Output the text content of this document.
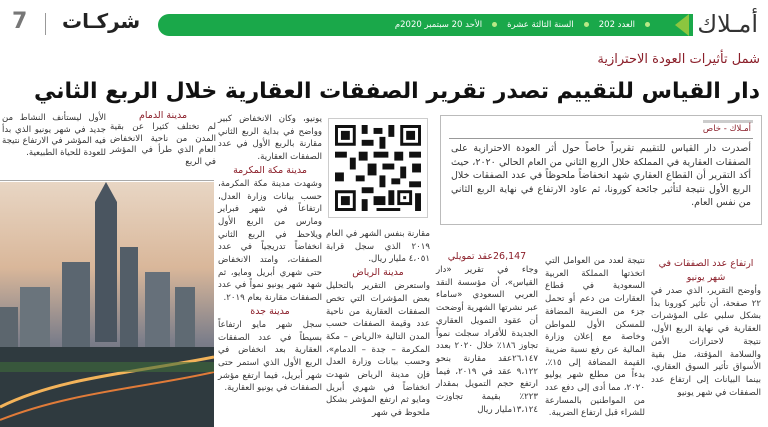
أمـلاك
العدد 202السنة الثالثة عشرةالأحد 20 سبتمبر 2020م
شركـات
7
شمل تأثيرات العودة الاحترازية
دار القياس للتقييم تصدر تقرير الصفقات العقارية خلال الربع الثاني
أمـلاك - خاص
أصدرت دار القياس للتقييم تقريراً خاصاً حول أثر العودة الاحترازية على الصفقات العقارية في المملكة خلال الربع الثاني من العام الحالي ٢٠٢٠، حيث أكد التقرير أن القطاع العقاري شهد انخفاضاً ملحوظاً في عدد الصفقات خلال الربع الأول نتيجة لتأثير جائحة كورونا، ثم عاود الارتفاع في نهاية الربع الثاني من نفس العام.
ارتفاع عدد الصفقات في شهر يونيو
وأوضح التقرير، الذي صدر في ٢٢ صفحة، أن تأثير كورونا بدأ بشكل سلبي على المؤشرات العقارية في نهاية الربع الأول، نتيجة لاحترازات الأمن والسلامة المؤقتة، مثل بقية الأسواق تأثير السوق العقاري، بينما البيانات إلى ارتفاع عدد الصفقات في شهر يونيو
نتيجة لعدد من العوامل التي اتخذتها المملكة العربية السعودية في قطاع العقارات من دعم أو تحمل جزء من الضريبة المضافة للمسكن الأول للمواطن وخاصة مع إعلان وزارة المالية عن رفع نسبة ضريبة القيمة المضافة إلى ١٥٪، بدءاً من مطلع شهر يوليو ٢٠٢٠، مما أدى إلى دفع عدد من المواطنين بالمسارعة للشراء قبل ارتفاع الضريبة.
26,147عقد تمويلي
وجاء في تقرير «دار القياس»، أن مؤسسة النقد العربي السعودي «ساماء عبر نشرتها الشهرية أوضحت أن عقود التمويل العقاري الجديدة للأفراد سجلت نمواً تجاوز ١٨٦٪ خلال ٢٠٢٠ بعدد ٢٦،١٤٧عقد مقارنة بنحو ٩،١٢٢ عقد في ٢٠١٩، فيما ارتفع حجم التمويل بمقدار ٢٢٣٪ بقيمة تجاوزت ١٣،١٢٤مليار ريال
مقارنة بنفس الشهر في العام ٢٠١٩ الذي سجل قرابة ٤،٠٥١ مليار ريال.
مدينة الرياض
واستعرض التقرير بالتحليل بعض المؤشرات التي تخص الصفقات العقارية من ناحية عدد وقيمة الصفقات حسب المدن التالية «الرياض – مكة المكرمة – جدة – الدمام»، وحسب بيانات وزارة العدل فإن مدينة الرياض شهدت انخفاضاً في شهري أبريل ومايو ثم ارتفع المؤشر بشكل ملحوظ في شهر
يونيو، وكان الانخفاض كبير وواضح في بداية الربع الثاني مقارنة بالربع الأول في عدد الصفقات العقارية.
مدينة مكة المكرمة
وشهدت مدينة مكة المكرمة، حسب بيانات وزارة العدل، ارتفاعاً في شهر فبراير ومارس من الربع الأول ويلاحظ في الربع الثاني انخفاضاً تدريجياً في عدد الصفقات، وامتد الانخفاض حتى شهري أبريل ومايو، ثم شهد شهر يونيو نمواً في عدد الصفقات مقارنة بعام ٢٠١٩.
مدينة جدة
سجل شهر مايو ارتفاعاً بسيطاً في عدد الصفقات العقارية بعد انخفاض في الربع الأول الذي استمر حتى شهر أبريل، فيما ارتفع مؤشر الصفقات في يونيو العقارية.
مدينة الدمام
لم تختلف كثيرا عن بقية المدن من ناحية الانخفاض العام الذي طرأ في المؤشر في الربع
الأول ليستأنف النشاط من جديد في شهر يونيو الذي بدأ فيه المؤشر في الارتفاع نتيجة للعودة للحياة الطبيعية.
